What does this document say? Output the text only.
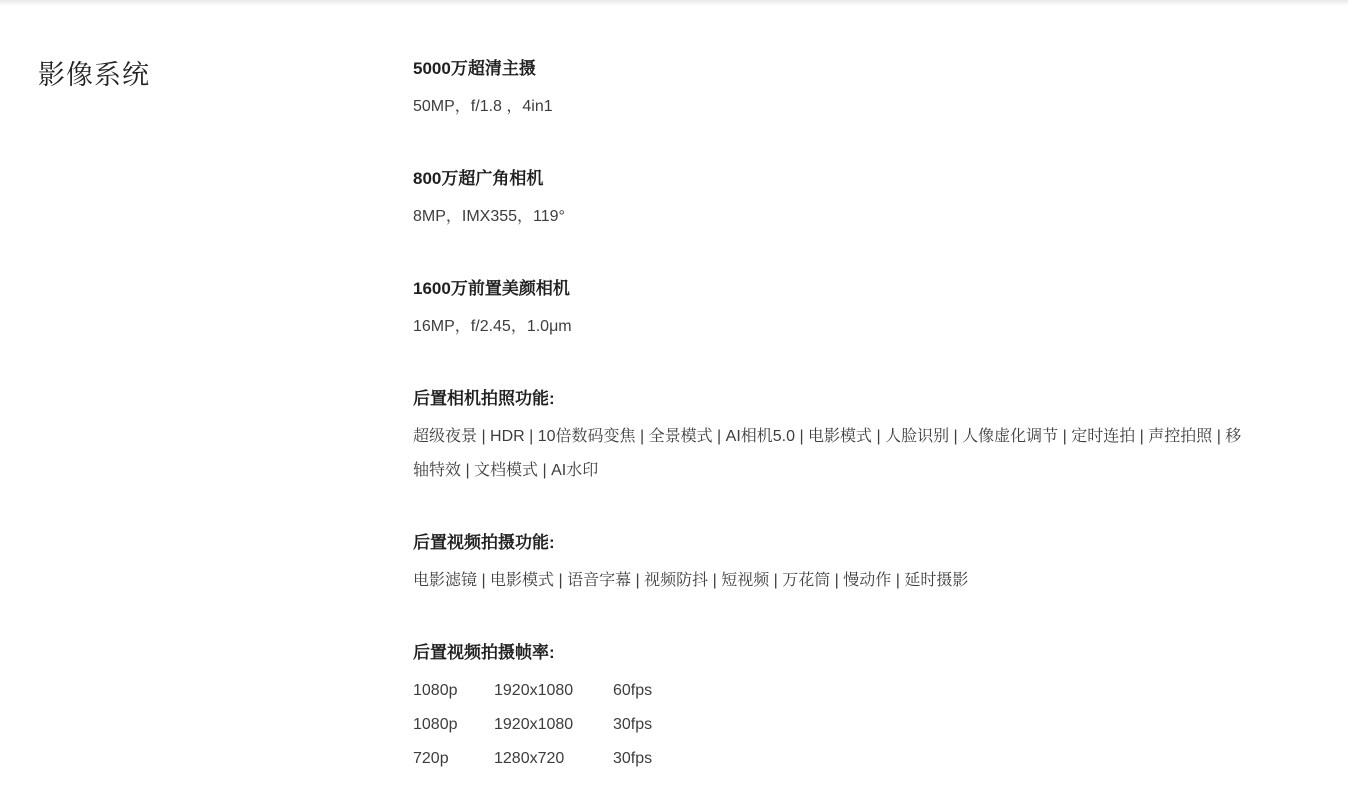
影像系统	5000万超清主摄

50MP，f/1.8 ，4in1

800万超广角相机

8MP，IMX355，119°

1600万前置美颜相机

16MP，f/2.45，1.0μm

后置相机拍照功能:

超级夜景 | HDR | 10倍数码变焦 | 全景模式 | AI相机5.0 | 电影模式 | 人脸识别 | 人像虚化调节 | 定时连拍 | 声控拍照 | 移轴特效 | 文档模式 | AI水印

后置视频拍摄功能:

电影滤镜 | 电影模式 | 语音字幕 | 视频防抖 | 短视频 | 万花筒 | 慢动作 | 延时摄影

后置视频拍摄帧率:
1080p	1920x1080	60fps
1080p	1920x1080	30fps
720p	1280x720	30fps
